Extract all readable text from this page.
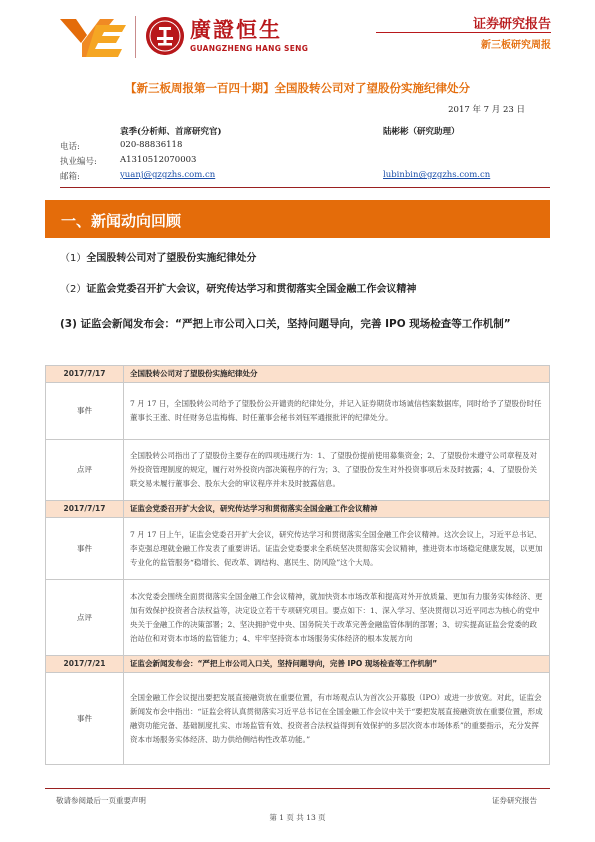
廣證恒生
GUANGZHENG HANG SENG
证券研究报告
新三板研究周报
【新三板周报第一百四十期】全国股转公司对了望股份实施纪律处分
2017 年 7 月 23 日
袁季(分析师、首席研究官)	陆彬彬（研究助理）
电话:	020-88836118
执业编号:	A1310512070003
邮箱:	yuanj@gzgzhs.com.cn	lubinbin@gzgzhs.com.cn
一、新闻动向回顾
（1）全国股转公司对了望股份实施纪律处分
（2）证监会党委召开扩大会议，研究传达学习和贯彻落实全国金融工作会议精神
(3) 证监会新闻发布会：“严把上市公司入口关，坚持问题导向，完善 IPO 现场检查等工作机制”
2017/7/17	全国股转公司对了望股份实施纪律处分
事件	7 月 17 日，全国股转公司给予了望股份公开谴责的纪律处分，并记入证券期货市场诚信档案数据库，同时给予了望股份时任董事长王涨、时任财务总监梅梅、时任董事会秘书刘钰军通报批评的纪律处分。
点评	全国股转公司指出了了望股份主要存在的四项违规行为：1、了望股份提前使用募集资金；2、了望股份未遵守公司章程及对外投资管理制度的规定，履行对外投资内部决策程序的行为；3、了望股份发生对外投资事项后未及时披露；4、了望股份关联交易未履行董事会、股东大会的审议程序并未及时披露信息。
2017/7/17	证监会党委召开扩大会议，研究传达学习和贯彻落实全国金融工作会议精神
事件	7 月 17 日上午，证监会党委召开扩大会议，研究传达学习和贯彻落实全国金融工作会议精神。这次会议上，习近平总书记、李克强总理就金融工作发表了重要讲话。证监会党委要求全系统坚决贯彻落实会议精神，推进资本市场稳定健康发展，以更加专业化的监管服务“稳增长、促改革、调结构、惠民生、防风险”这个大局。
点评	本次党委会围绕全面贯彻落实全国金融工作会议精神，就加快资本市场改革和提高对外开放质量、更加有力服务实体经济、更加有效保护投资者合法权益等，决定设立若干专项研究项目。要点如下：1、深入学习、坚决贯彻以习近平同志为核心的党中央关于金融工作的决策部署；2、坚决拥护党中央、国务院关于改革完善金融监管体制的部署；3、切实提高证监会党委的政治站位和对资本市场的监管能力；4、牢牢坚持资本市场服务实体经济的根本发展方向
2017/7/21	证监会新闻发布会：“严把上市公司入口关，坚持问题导向，完善 IPO 现场检查等工作机制”
事件	全国金融工作会议提出要把发展直接融资放在重要位置，有市场观点认为首次公开募股（IPO）或进一步放宽。对此，证监会新闻发布会中指出：“证监会将认真贯彻落实习近平总书记在全国金融工作会议中关于“要把发展直接融资放在重要位置，形成融资功能完备、基础制度扎实、市场监管有效、投资者合法权益得到有效保护的多层次资本市场体系”的重要指示，充分发挥资本市场服务实体经济、助力供给侧结构性改革功能。”
敬请参阅最后一页重要声明	证券研究报告
第 1 页 共 13 页
